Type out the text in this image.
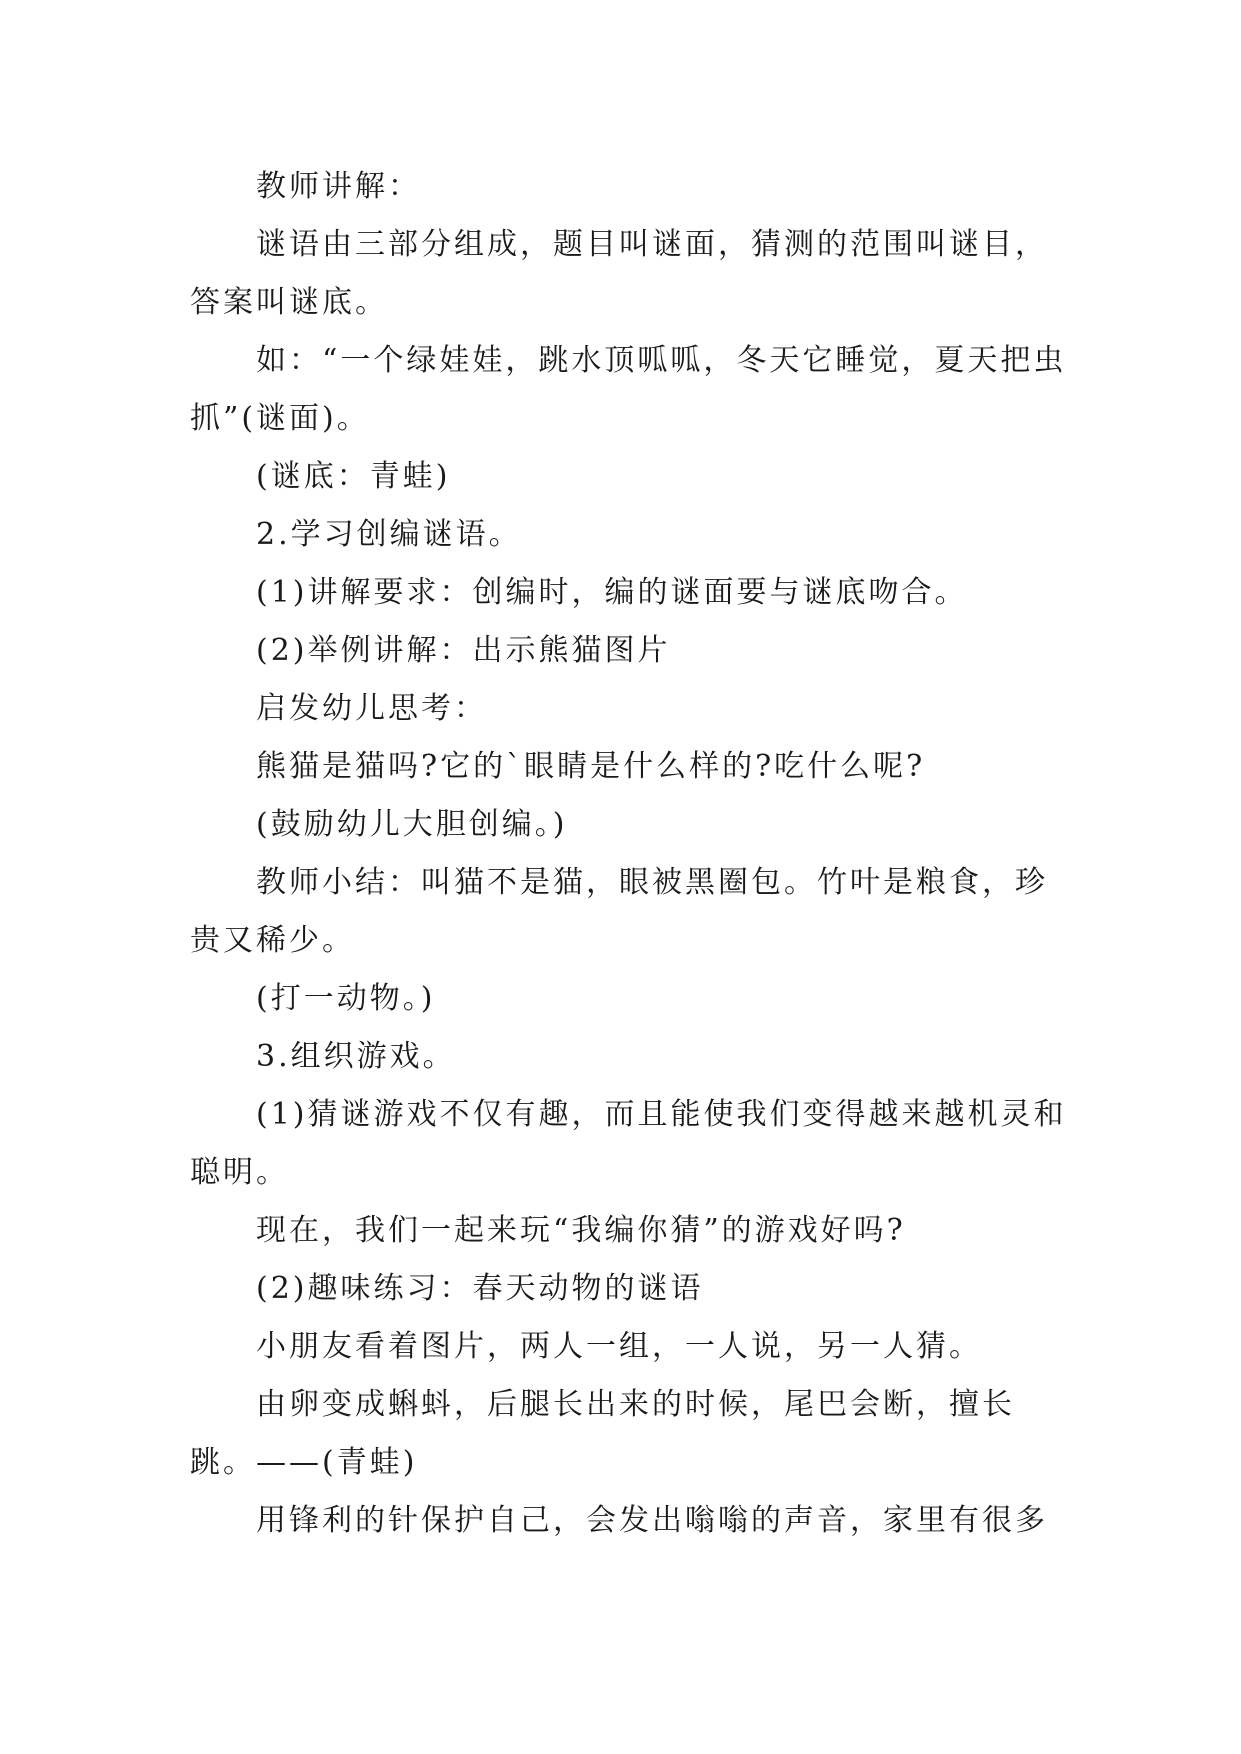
教师讲解：

谜语由三部分组成，题目叫谜面，猜测的范围叫谜目，答案叫谜底。

如：“一个绿娃娃，跳水顶呱呱，冬天它睡觉，夏天把虫抓”(谜面)。

(谜底：青蛙)

2.学习创编谜语。

(1)讲解要求：创编时，编的谜面要与谜底吻合。

(2)举例讲解：出示熊猫图片

启发幼儿思考：

熊猫是猫吗?它的`眼睛是什么样的?吃什么呢?

(鼓励幼儿大胆创编。)

教师小结：叫猫不是猫，眼被黑圈包。竹叶是粮食，珍贵又稀少。

(打一动物。)

3.组织游戏。

(1)猜谜游戏不仅有趣，而且能使我们变得越来越机灵和聪明。

现在，我们一起来玩“我编你猜”的游戏好吗?

(2)趣味练习：春天动物的谜语

小朋友看着图片，两人一组，一人说，另一人猜。

由卵变成蝌蚪，后腿长出来的时候，尾巴会断，擅长跳。——(青蛙)

用锋利的针保护自己，会发出嗡嗡的声音，家里有很多
